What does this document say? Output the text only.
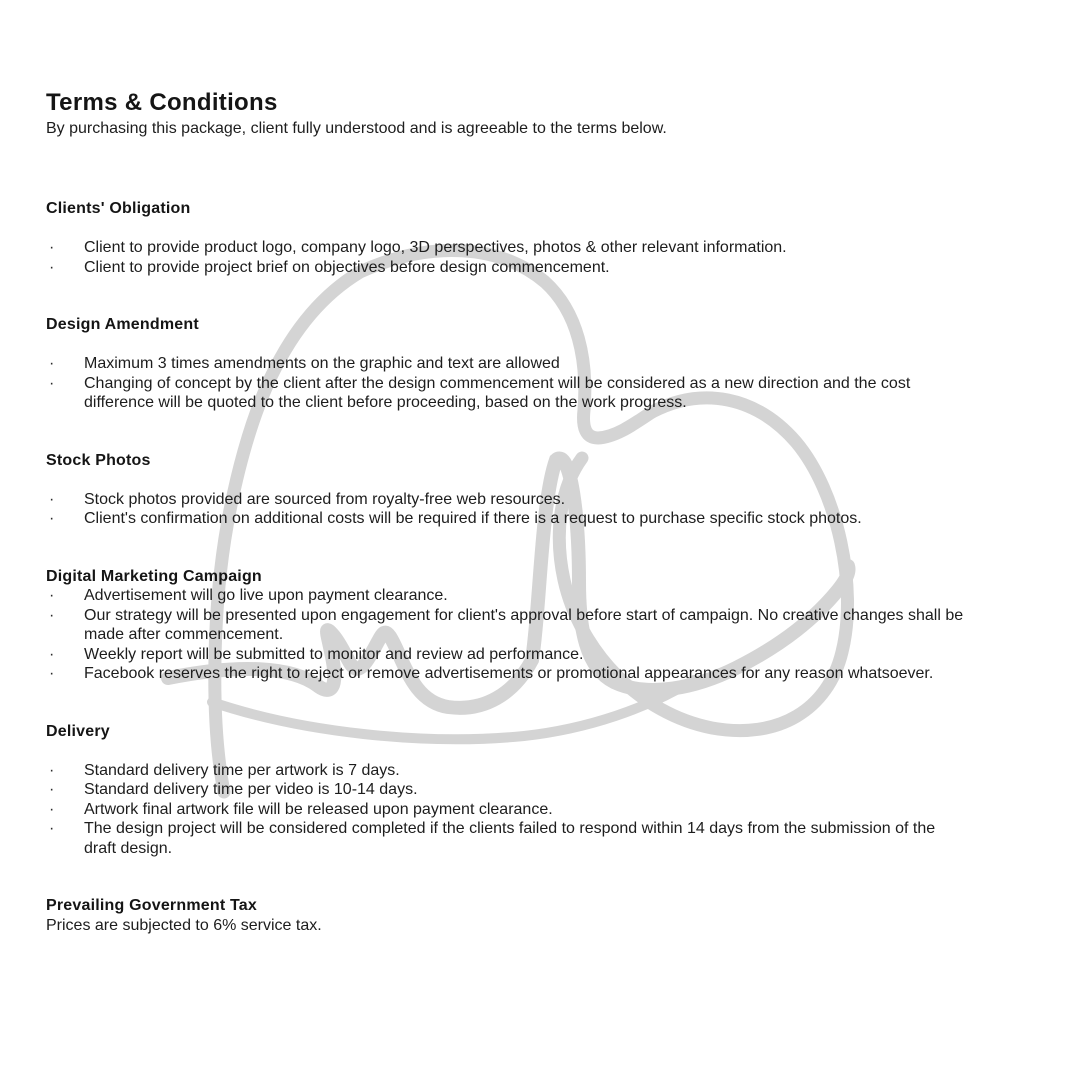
Terms & Conditions

By purchasing this package, client fully understood and is agreeable to the terms below.

Clients' Obligation
·	Client to provide product logo, company logo, 3D perspectives, photos & other relevant information.
·	Client to provide project brief on objectives before design commencement.
Design Amendment
·	Maximum 3 times amendments on the graphic and text are allowed
·	Changing of concept by the client after the design commencement will be considered as a new direction and the cost difference will be quoted to the client before proceeding, based on the work progress.
Stock Photos
·	Stock photos provided are sourced from royalty-free web resources.
·	Client's confirmation on additional costs will be required if there is a request to purchase specific stock photos.
Digital Marketing Campaign
·	Advertisement will go live upon payment clearance.
·	Our strategy will be presented upon engagement for client's approval before start of campaign. No creative changes shall be made after commencement.
·	Weekly report will be submitted to monitor and review ad performance.
·	Facebook reserves the right to reject or remove advertisements or promotional appearances for any reason whatsoever.
Delivery
·	Standard delivery time per artwork is 7 days.
·	Standard delivery time per video is 10-14 days.
·	Artwork final artwork file will be released upon payment clearance.
·	The design project will be considered completed if the clients failed to respond within 14 days from the submission of the draft design.
Prevailing Government Tax

Prices are subjected to 6% service tax.
